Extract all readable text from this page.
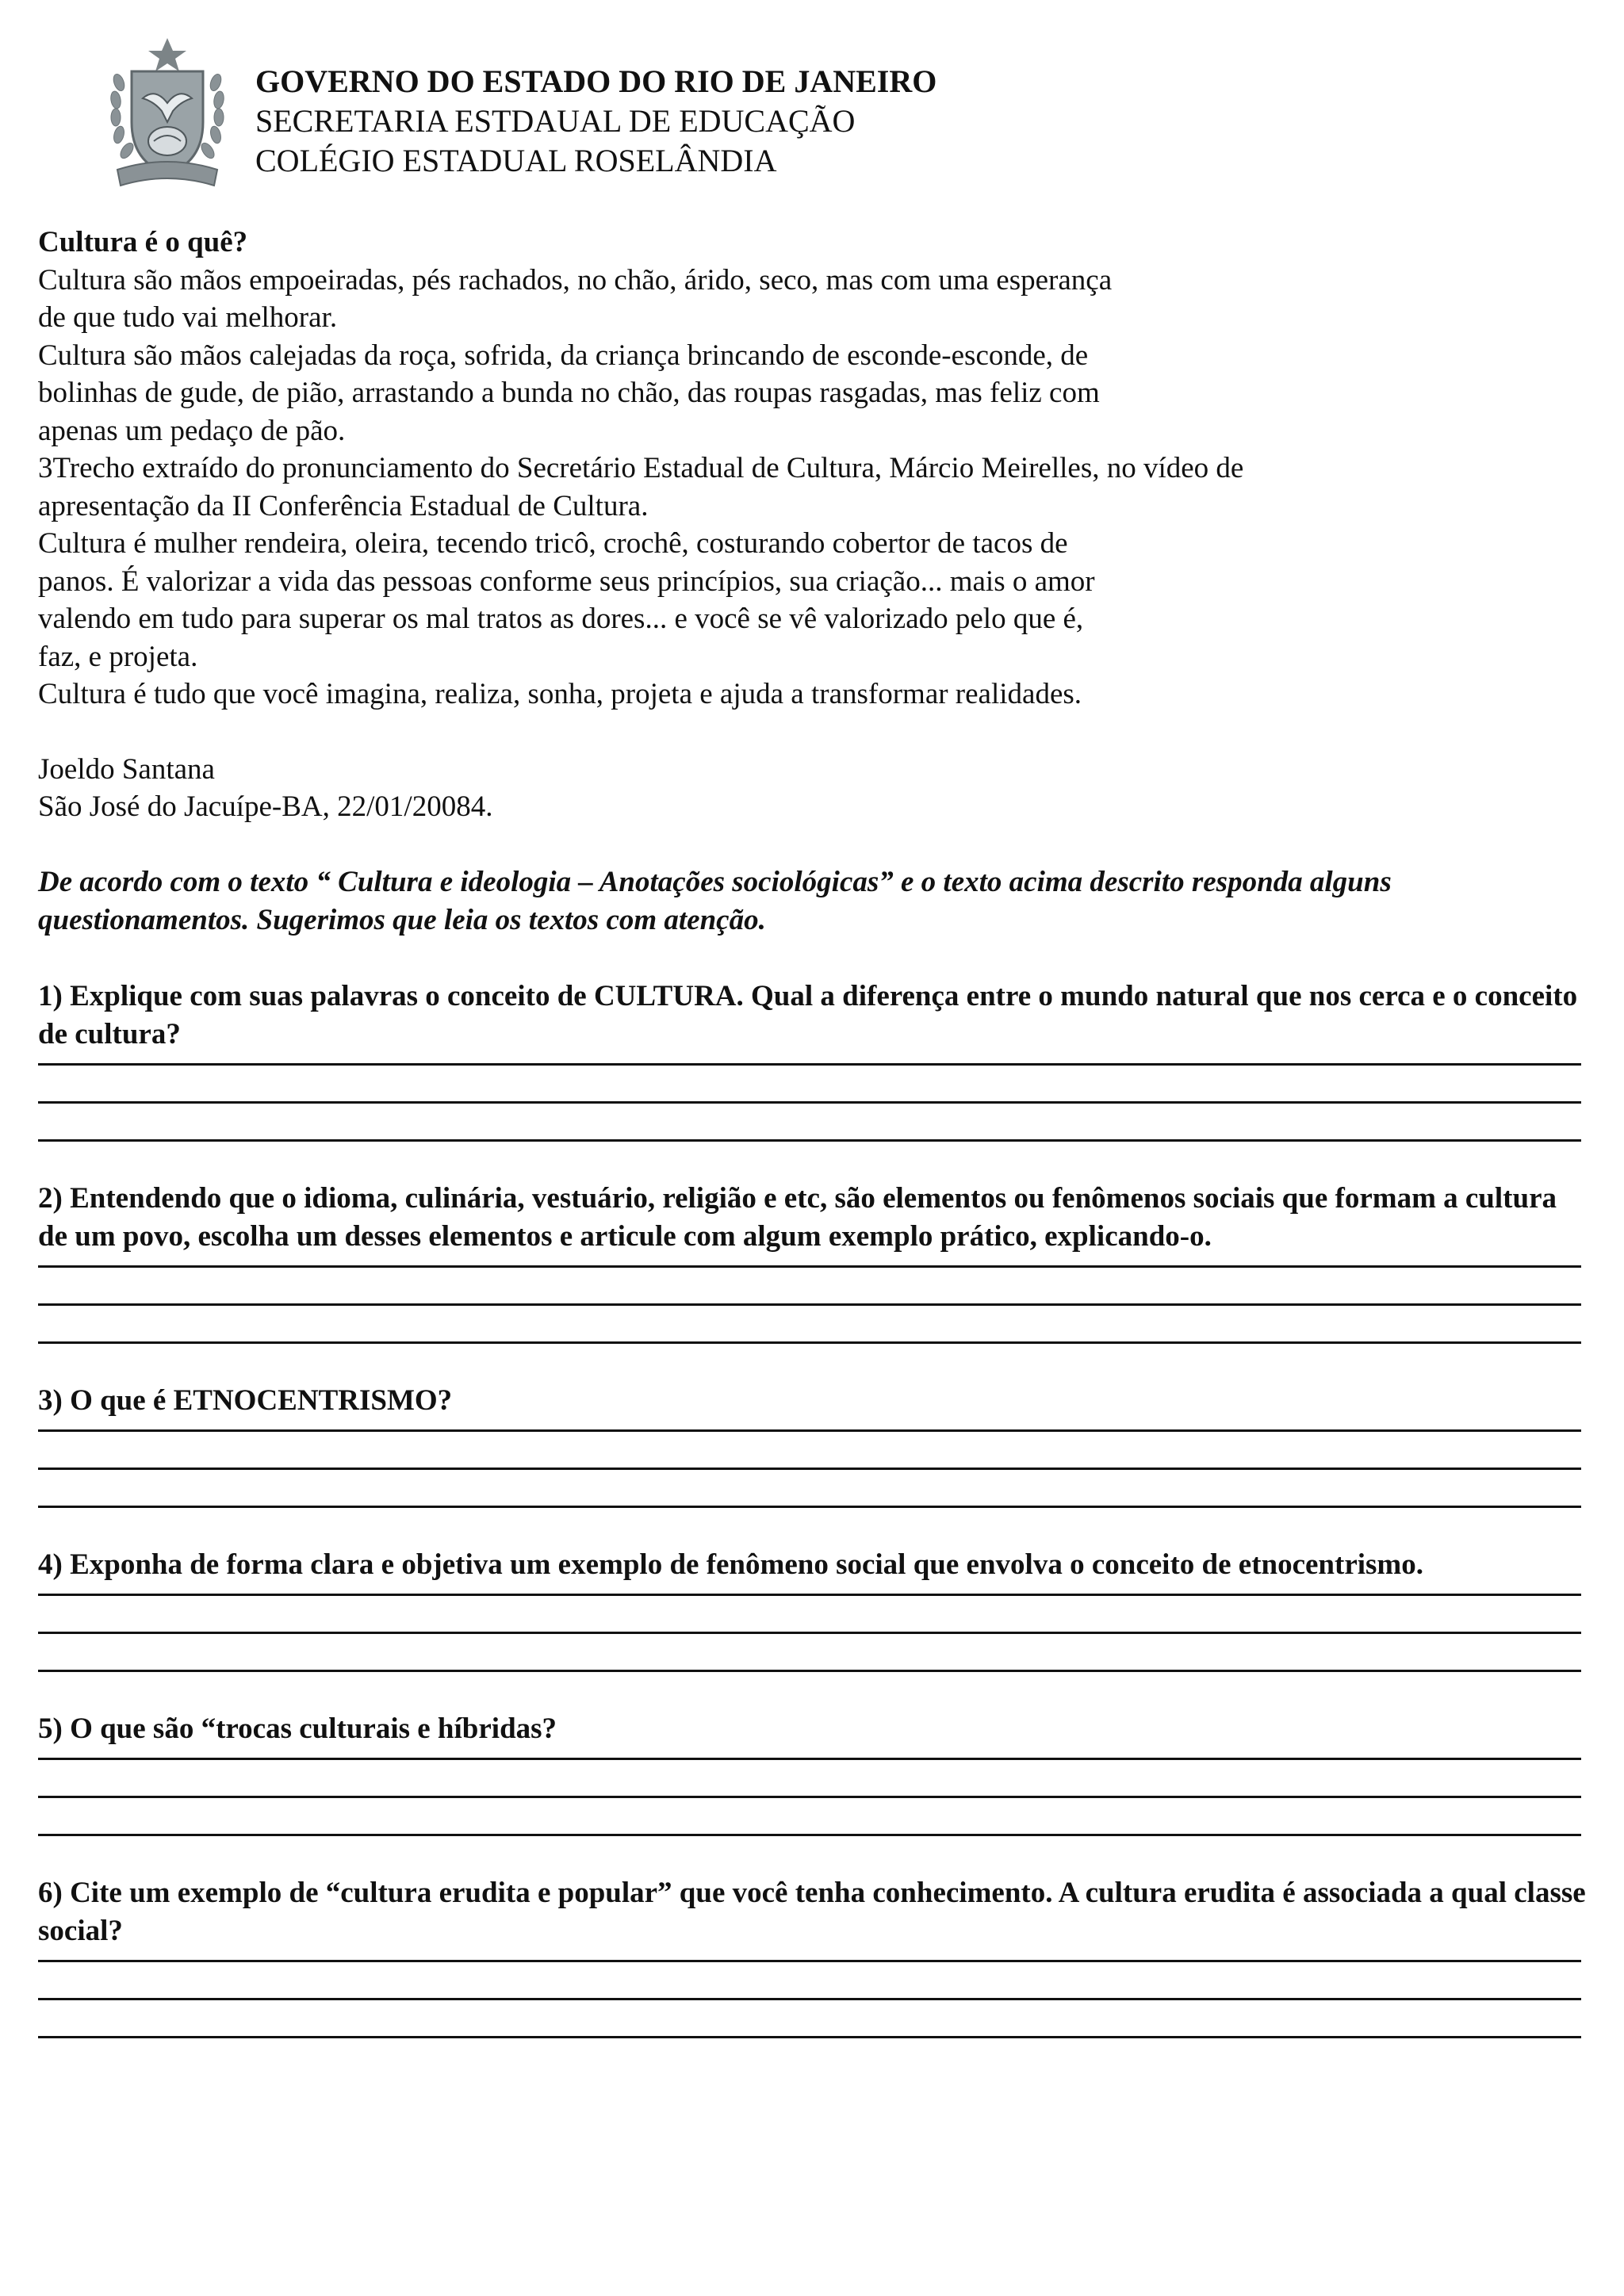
GOVERNO DO ESTADO DO RIO DE JANEIRO
SECRETARIA ESTDAUAL DE EDUCAÇÃO
COLÉGIO ESTADUAL ROSELÂNDIA

Cultura é o quê?

Cultura são mãos empoeiradas, pés rachados, no chão, árido, seco, mas com uma esperança

de que tudo vai melhorar.

Cultura são mãos calejadas da roça, sofrida, da criança brincando de esconde-esconde, de

bolinhas de gude, de pião, arrastando a bunda no chão, das roupas rasgadas, mas feliz com

apenas um pedaço de pão.

3Trecho extraído do pronunciamento do Secretário Estadual de Cultura, Márcio Meirelles, no vídeo de

apresentação da II Conferência Estadual de Cultura.

Cultura é mulher rendeira, oleira, tecendo tricô, crochê, costurando cobertor de tacos de

panos. É valorizar a vida das pessoas conforme seus princípios, sua criação... mais o amor

valendo em tudo para superar os mal tratos as dores... e você se vê valorizado pelo que é,

faz, e projeta.

Cultura é tudo que você imagina, realiza, sonha, projeta e ajuda a transformar realidades.

Joeldo Santana

São José do Jacuípe-BA, 22/01/20084.

De acordo com o texto “ Cultura e ideologia – Anotações sociológicas” e o texto acima descrito responda alguns questionamentos. Sugerimos que leia os textos com atenção.
1) Explique com suas palavras o conceito de CULTURA. Qual a diferença entre o mundo natural que nos cerca e o conceito de cultura?
2) Entendendo que o idioma, culinária, vestuário, religião e etc, são elementos ou fenômenos sociais que formam a cultura de um povo, escolha um desses elementos e articule com algum exemplo prático, explicando-o.
3) O que é ETNOCENTRISMO?
4) Exponha de forma clara e objetiva um exemplo de fenômeno social que envolva o conceito de etnocentrismo.
5) O que são “trocas culturais e híbridas?
6) Cite um exemplo de “cultura erudita e popular” que você tenha conhecimento. A cultura erudita é associada a qual classe social?
